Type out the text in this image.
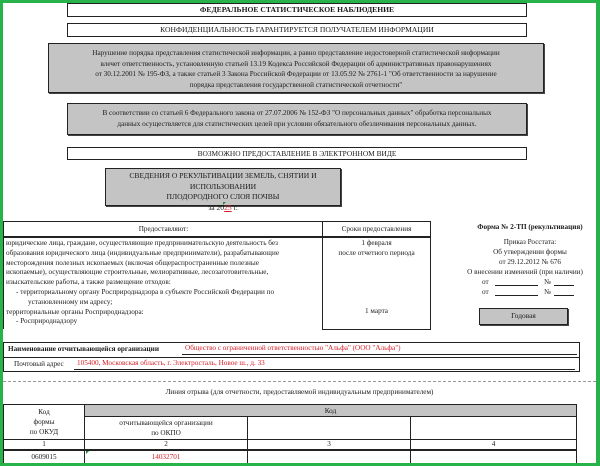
ФЕДЕРАЛЬНОЕ СТАТИСТИЧЕСКОЕ НАБЛЮДЕНИЕ
КОНФИДЕНЦИАЛЬНОСТЬ ГАРАНТИРУЕТСЯ ПОЛУЧАТЕЛЕМ ИНФОРМАЦИИ
Нарушение порядка представления статистической информации, а равно представление недостоверной статистической информации
влечет ответственность, установленную статьей 13.19 Кодекса Российской Федерации об административных правонарушениях
от 30.12.2001 № 195-ФЗ, а также статьей 3 Закона Российской Федерации от 13.05.92 № 2761-1 "Об ответственности за нарушение
порядка представления государственной статистической отчетности"
В соответствии со статьей 6 Федерального закона от 27.07.2006 № 152-ФЗ "О персональных данных" обработка персональных
данных осуществляется для статистических целей при условии обязательного обезличивания персональных данных.
ВОЗМОЖНО ПРЕДОСТАВЛЕНИЕ В ЭЛЕКТРОННОМ ВИДЕ
СВЕДЕНИЯ О РЕКУЛЬТИВАЦИИ ЗЕМЕЛЬ, СНЯТИИ И ИСПОЛЬЗОВАНИИ
ПЛОДОРОДНОГО СЛОЯ ПОЧВЫ
за 2025 г.
Предоставляют:	Сроки предоставления

юридические лица, граждане, осуществляющие предпринимательскую деятельность без
образования юридического лица (индивидуальные предприниматели), разрабатывающие
месторождения полезных ископаемых (включая общераспространенные полезные
ископаемые), осуществляющие строительные, мелиоративные, лесозаготовительные,
изыскательские работы, а также размещение отходов:
- территориальному органу Росприроднадзора в субъекте Российской Федерации по
установленному им адресу;
территориальные органы Росприроднадзора:
- Росприроднадзору

1 февраля
после отчетного периода
1 марта
Форма № 2-ТП (рекультивация)
Приказ Росстата:
Об утверждении формы
от 29.12.2012 № 676
О внесении изменений (при наличии)
от	№
от	№
Годовая
Наименование отчитывающейся организации	Общество с ограниченной ответственностью "Альфа" (ООО "Альфа")
Почтовый адрес	105400, Московская область, г. Электросталь, Новое ш., д. 33
Линия отрыва (для отчетности, предоставляемой индивидуальным предпринимателем)
Код
формы
по ОКУД	Код		

	отчитывающейся организации
по ОКПО		

1	2	3	4
0609015	14032701		
